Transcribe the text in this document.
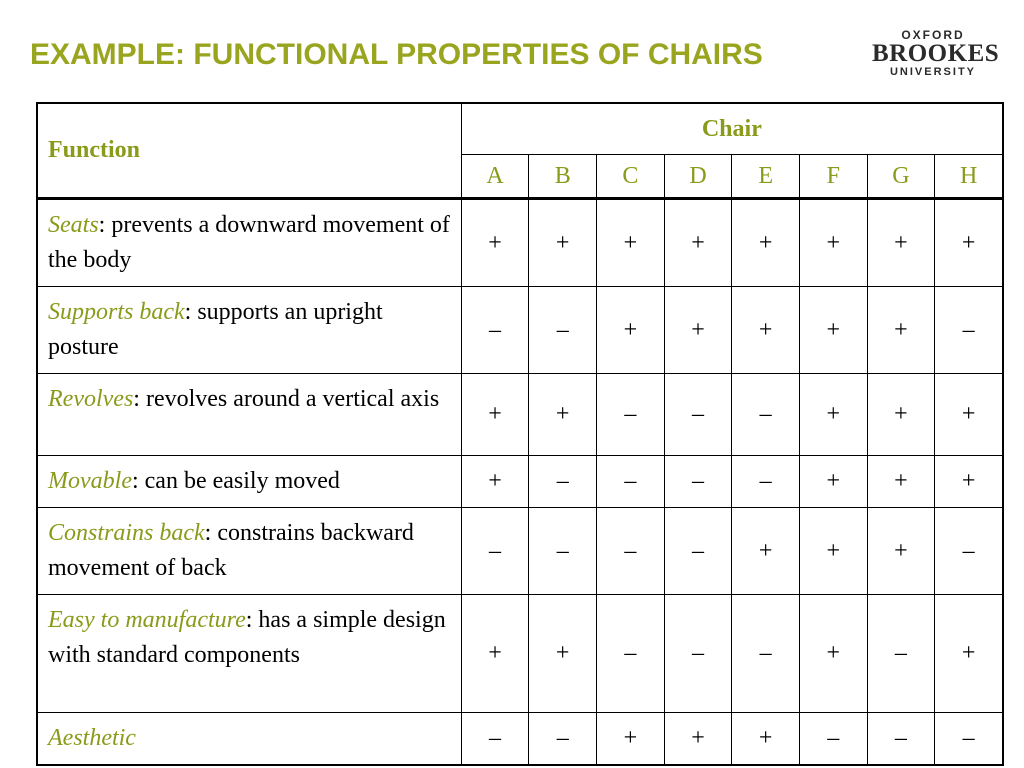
EXAMPLE: FUNCTIONAL PROPERTIES OF CHAIRS
OXFORD
BROOKES
UNIVERSITY
Function	Chair							
	A	B	C	D	E	F	G	H
Seats: prevents a downward movement of the body	+	+	+	+	+	+	+	+
Supports back: supports an upright posture	–	–	+	+	+	+	+	–
Revolves: revolves around a vertical axis	+	+	–	–	–	+	+	+
Movable: can be easily moved	+	–	–	–	–	+	+	+
Constrains back: constrains backward movement of back	–	–	–	–	+	+	+	–
Easy to manufacture: has a simple design with standard components	+	+	–	–	–	+	–	+
Aesthetic	–	–	+	+	+	–	–	–
